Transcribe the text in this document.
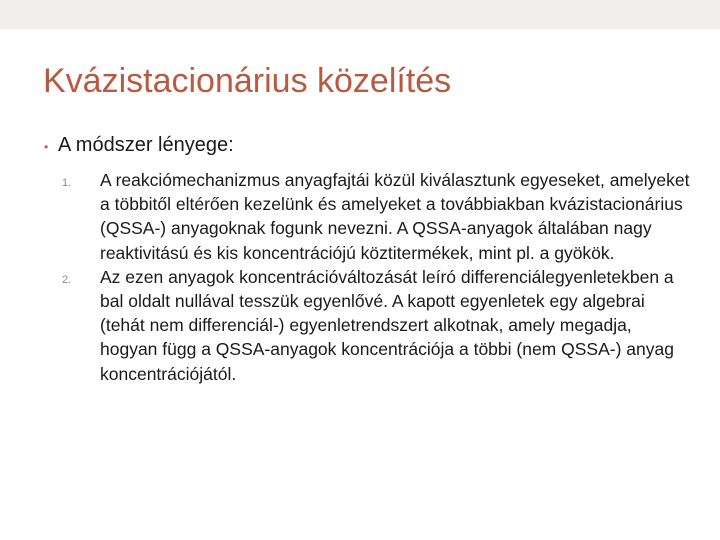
Kvázistacionárius közelítés
• A módszer lényege:
1.	A reakciómechanizmus anyagfajtái közül kiválasztunk egyeseket, amelyeket a többitől eltérően kezelünk és amelyeket a továbbiakban kvázistacionárius (QSSA-) anyagoknak fogunk nevezni. A QSSA-anyagok általában nagy reaktivitású és kis koncentrációjú köztitermékek, mint pl. a gyökök.
2.	Az ezen anyagok koncentrációváltozását leíró differenciálegyenletekben a bal oldalt nullával tesszük egyenlővé. A kapott egyenletek egy algebrai (tehát nem differenciál-) egyenletrendszert alkotnak, amely megadja, hogyan függ a QSSA-anyagok koncentrációja a többi (nem QSSA-) anyag koncentrációjától.
